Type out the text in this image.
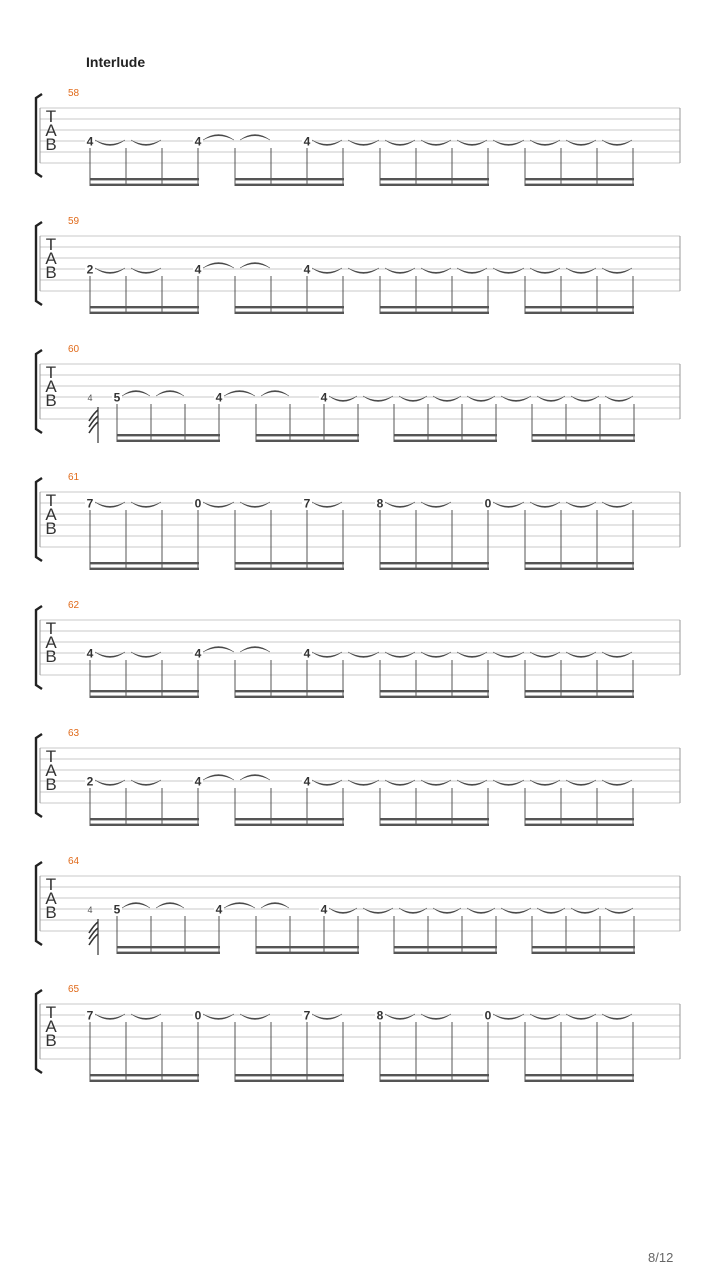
Interlude
58
T
A
B 4	4	4
59
T
A
B 2	4	4
60
T
A
B	4 5	4	4
61
T
A
B
7	0	7	8	0
62
T
A
B 4	4	4
63
T
A
B 2	4	4
64
T
A
B	4 5	4	4
65
T
A
B
7	0	7	8	0
8/12
